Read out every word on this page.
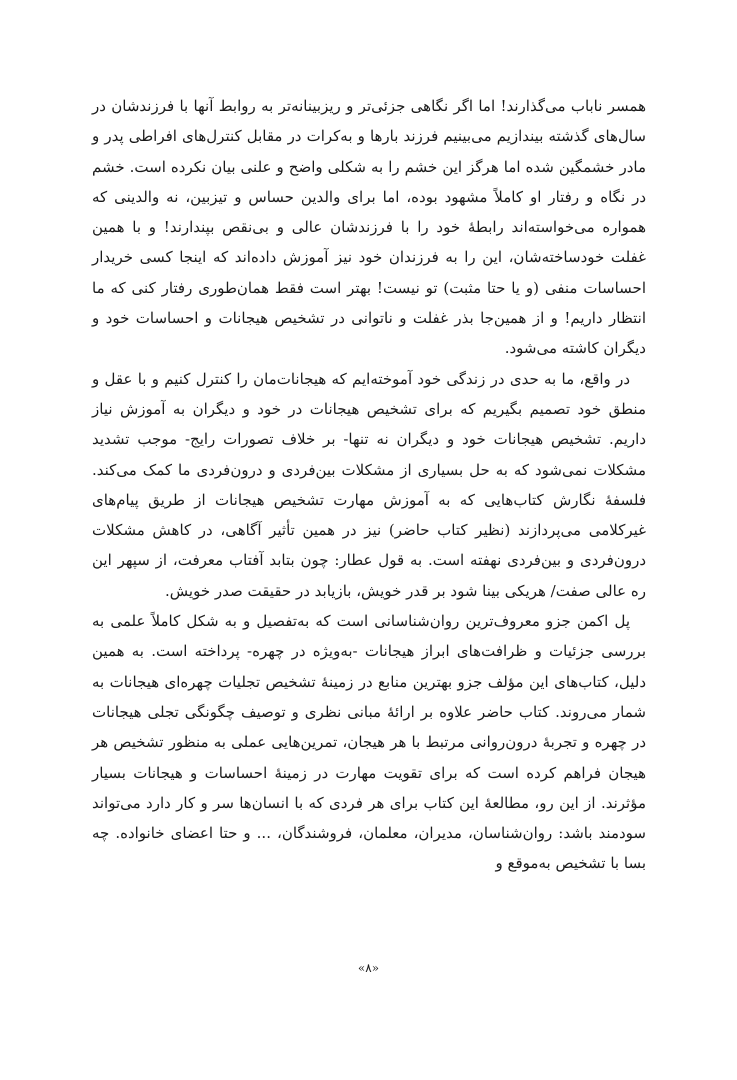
همسر ناباب می‌گذارند! اما اگر نگاهی جزئی‌تر و ریزبینانه‌تر به روابط آنها با فرزندشان در سال‌های گذشته بیندازیم می‌بینیم فرزند بارها و به‌کرات در مقابل کنترل‌های افراطی پدر و مادر خشمگین شده اما هرگز این خشم را به شکلی واضح و علنی بیان نکرده است. خشم در نگاه و رفتار او کاملاً مشهود بوده، اما برای والدین حساس و تیزبین، نه والدینی که همواره می‌خواسته‌اند رابطهٔ خود را با فرزندشان عالی و بی‌نقص بپندارند! و با همین غفلت خودساخته‌شان، این را به فرزندان خود نیز آموزش داده‌اند که اینجا کسی خریدار احساسات منفی (و یا حتا مثبت) تو نیست! بهتر است فقط همان‌طوری رفتار کنی که ما انتظار داریم! و از همین‌جا بذر غفلت و ناتوانی در تشخیص هیجانات و احساسات خود و دیگران کاشته می‌شود.

در واقع، ما به حدی در زندگی خود آموخته‌ایم که هیجانات‌مان را کنترل کنیم و با عقل و منطق خود تصمیم بگیریم که برای تشخیص هیجانات در خود و دیگران به آموزش نیاز داریم. تشخیص هیجانات خود و دیگران نه تنها- بر خلاف تصورات رایج- موجب تشدید مشکلات نمی‌شود که به حل بسیاری از مشکلات بین‌فردی و درون‌فردی ما کمک می‌کند. فلسفهٔ نگارش کتاب‌هایی که به آموزش مهارت تشخیص هیجانات از طریق پیام‌های غیرکلامی می‌پردازند (نظیر کتاب حاضر) نیز در همین تأثیر آگاهی، در کاهش مشکلات درون‌فردی و بین‌فردی نهفته است. به قول عطار: چون بتابد آفتاب معرفت، از سپهر این ره عالی صفت/ هریکی بینا شود بر قدر خویش، بازیابد در حقیقت صدر خویش.

پل اکمن جزو معروف‌ترین روان‌شناسانی است که به‌تفصیل و به شکل کاملاً علمی به بررسی جزئیات و ظرافت‌های ابراز هیجانات -به‌ویژه در چهره- پرداخته است. به همین دلیل، کتاب‌های این مؤلف جزو بهترین منابع در زمینهٔ تشخیص تجلیات چهره‌ای هیجانات به شمار می‌روند. کتاب حاضر علاوه بر ارائهٔ مبانی نظری و توصیف چگونگی تجلی هیجانات در چهره و تجربهٔ درون‌روانی مرتبط با هر هیجان، تمرین‌هایی عملی به منظور تشخیص هر هیجان فراهم کرده است که برای تقویت مهارت در زمینهٔ احساسات و هیجانات بسیار مؤثرند. از این رو، مطالعهٔ این کتاب برای هر فردی که با انسان‌ها سر و کار دارد می‌تواند سودمند باشد: روان‌شناسان، مدیران، معلمان، فروشندگان، ... و حتا اعضای خانواده. چه بسا با تشخیص به‌موقع و

«۸»
